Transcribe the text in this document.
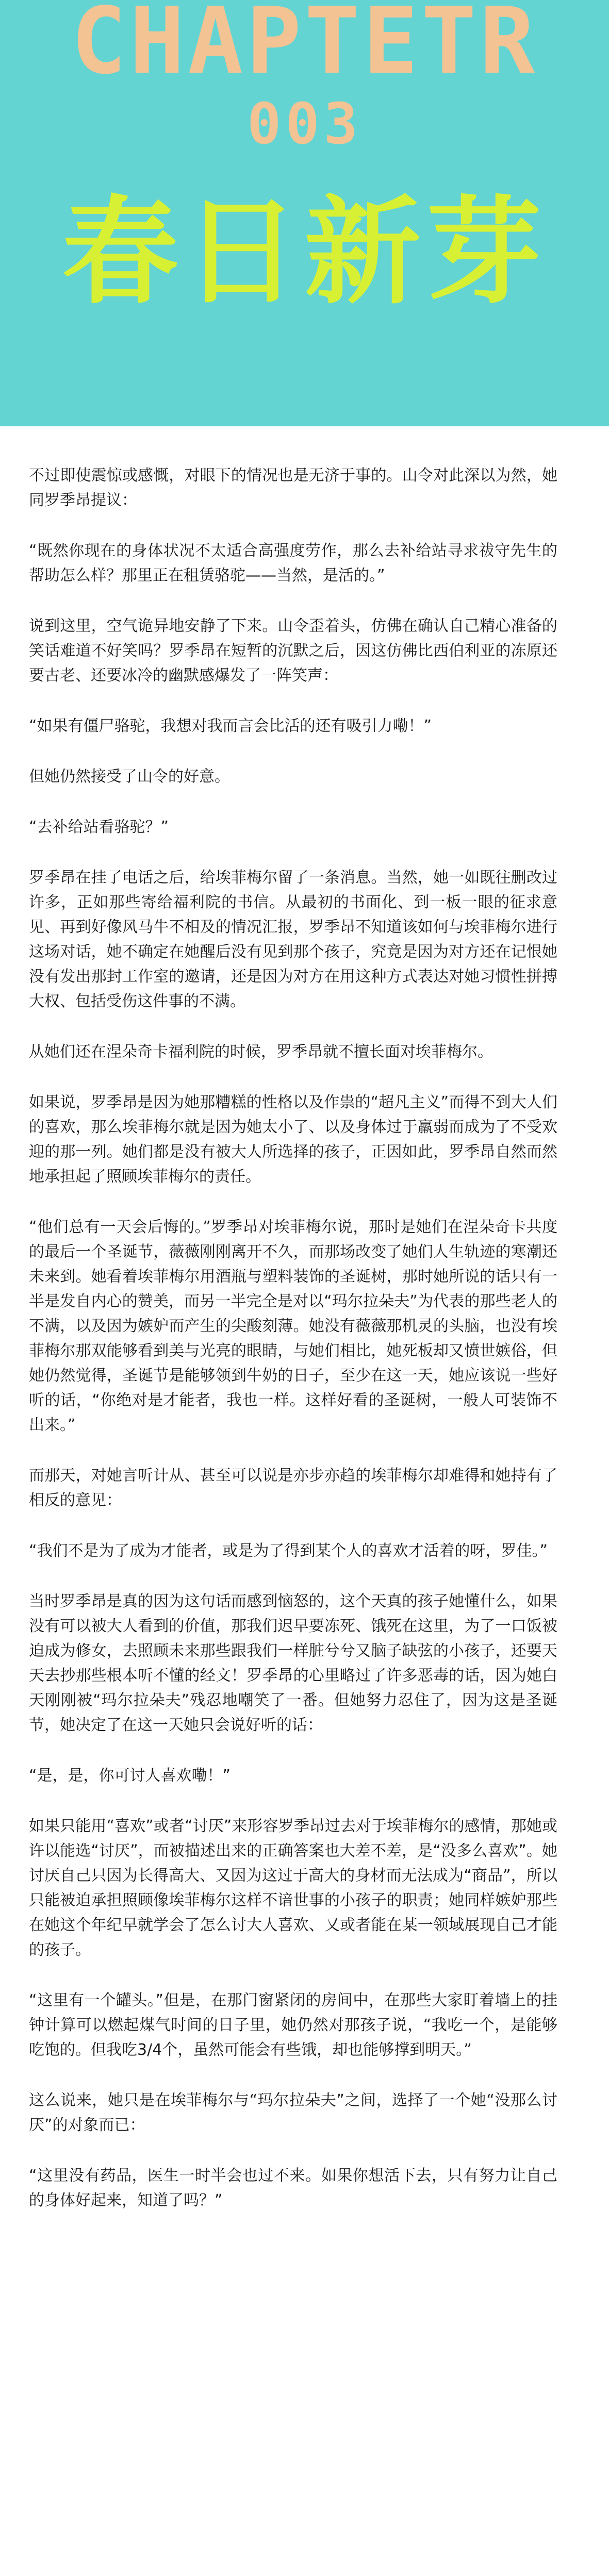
CHAPTETR
003
春日新芽

不过即使震惊或感慨，对眼下的情况也是无济于事的。山令对此深以为然，她同罗季昂提议：

“既然你现在的身体状况不太适合高强度劳作，那么去补给站寻求祓守先生的帮助怎么样？那里正在租赁骆驼——当然，是活的。”

说到这里，空气诡异地安静了下来。山令歪着头，仿佛在确认自己精心准备的笑话难道不好笑吗？罗季昂在短暂的沉默之后，因这仿佛比西伯利亚的冻原还要古老、还要冰冷的幽默感爆发了一阵笑声：

“如果有僵尸骆驼，我想对我而言会比活的还有吸引力嘞！”

但她仍然接受了山令的好意。

“去补给站看骆驼？”

罗季昂在挂了电话之后，给埃菲梅尔留了一条消息。当然，她一如既往删改过许多，正如那些寄给福利院的书信。从最初的书面化、到一板一眼的征求意见、再到好像风马牛不相及的情况汇报，罗季昂不知道该如何与埃菲梅尔进行这场对话，她不确定在她醒后没有见到那个孩子，究竟是因为对方还在记恨她没有发出那封工作室的邀请，还是因为对方在用这种方式表达对她习惯性拼搏大权、包括受伤这件事的不满。

从她们还在涅朵奇卡福利院的时候，罗季昂就不擅长面对埃菲梅尔。

如果说，罗季昂是因为她那糟糕的性格以及作祟的“超凡主义”而得不到大人们的喜欢，那么埃菲梅尔就是因为她太小了、以及身体过于羸弱而成为了不受欢迎的那一列。她们都是没有被大人所选择的孩子，正因如此，罗季昂自然而然地承担起了照顾埃菲梅尔的责任。

“他们总有一天会后悔的。”罗季昂对埃菲梅尔说，那时是她们在涅朵奇卡共度的最后一个圣诞节，薇薇刚刚离开不久，而那场改变了她们人生轨迹的寒潮还未来到。她看着埃菲梅尔用酒瓶与塑料装饰的圣诞树，那时她所说的话只有一半是发自内心的赞美，而另一半完全是对以“玛尔拉朵夫”为代表的那些老人的不满，以及因为嫉妒而产生的尖酸刻薄。她没有薇薇那机灵的头脑，也没有埃菲梅尔那双能够看到美与光亮的眼睛，与她们相比，她死板却又愤世嫉俗，但她仍然觉得，圣诞节是能够领到牛奶的日子，至少在这一天，她应该说一些好听的话，“你绝对是才能者，我也一样。这样好看的圣诞树，一般人可装饰不出来。”

而那天，对她言听计从、甚至可以说是亦步亦趋的埃菲梅尔却难得和她持有了相反的意见：

“我们不是为了成为才能者，或是为了得到某个人的喜欢才活着的呀，罗佳。”

当时罗季昂是真的因为这句话而感到恼怒的，这个天真的孩子她懂什么，如果没有可以被大人看到的价值，那我们迟早要冻死、饿死在这里，为了一口饭被迫成为修女，去照顾未来那些跟我们一样脏兮兮又脑子缺弦的小孩子，还要天天去抄那些根本听不懂的经文！罗季昂的心里略过了许多恶毒的话，因为她白天刚刚被“玛尔拉朵夫”残忍地嘲笑了一番。但她努力忍住了，因为这是圣诞节，她决定了在这一天她只会说好听的话：

“是，是，你可讨人喜欢嘞！”

如果只能用“喜欢”或者“讨厌”来形容罗季昂过去对于埃菲梅尔的感情，那她或许以能选“讨厌”，而被描述出来的正确答案也大差不差，是“没多么喜欢”。她讨厌自己只因为长得高大、又因为这过于高大的身材而无法成为“商品”，所以只能被迫承担照顾像埃菲梅尔这样不谙世事的小孩子的职责；她同样嫉妒那些在她这个年纪早就学会了怎么讨大人喜欢、又或者能在某一领域展现自己才能的孩子。

“这里有一个罐头。”但是，在那门窗紧闭的房间中，在那些大家盯着墙上的挂钟计算可以燃起煤气时间的日子里，她仍然对那孩子说，“我吃一个，是能够吃饱的。但我吃3/4个，虽然可能会有些饿，却也能够撑到明天。”

这么说来，她只是在埃菲梅尔与“玛尔拉朵夫”之间，选择了一个她“没那么讨厌”的对象而已：

“这里没有药品，医生一时半会也过不来。如果你想活下去，只有努力让自己的身体好起来，知道了吗？”
